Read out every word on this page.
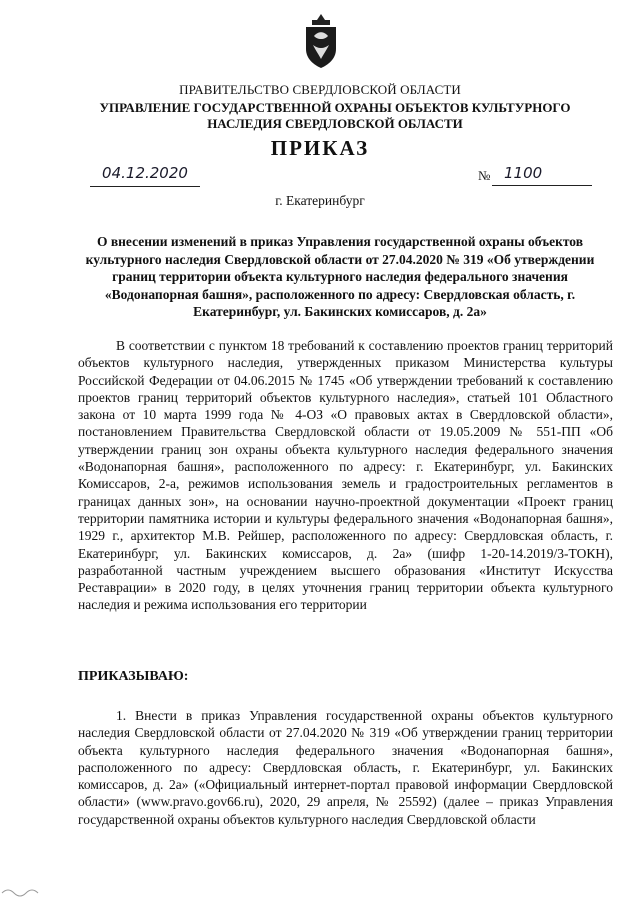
ПРАВИТЕЛЬСТВО СВЕРДЛОВСКОЙ ОБЛАСТИ
УПРАВЛЕНИЕ ГОСУДАРСТВЕННОЙ ОХРАНЫ ОБЪЕКТОВ КУЛЬТУРНОГО НАСЛЕДИЯ СВЕРДЛОВСКОЙ ОБЛАСТИ
ПРИКАЗ
04.12.2020	№ 1100
г. Екатеринбург
О внесении изменений в приказ Управления государственной охраны объектов культурного наследия Свердловской области от 27.04.2020 № 319 «Об утверждении границ территории объекта культурного наследия федерального значения «Водонапорная башня», расположенного по адресу: Свердловская область, г. Екатеринбург, ул. Бакинских комиссаров, д. 2а»
В соответствии с пунктом 18 требований к составлению проектов границ территорий объектов культурного наследия, утвержденных приказом Министерства культуры Российской Федерации от 04.06.2015 № 1745 «Об утверждении требований к составлению проектов границ территорий объектов культурного наследия», статьей 101 Областного закона от 10 марта 1999 года № 4-ОЗ «О правовых актах в Свердловской области», постановлением Правительства Свердловской области от 19.05.2009 № 551-ПП «Об утверждении границ зон охраны объекта культурного наследия федерального значения «Водонапорная башня», расположенного по адресу: г. Екатеринбург, ул. Бакинских Комиссаров, 2-а, режимов использования земель и градостроительных регламентов в границах данных зон», на основании научно-проектной документации «Проект границ территории памятника истории и культуры федерального значения «Водонапорная башня», 1929 г., архитектор М.В. Рейшер, расположенного по адресу: Свердловская область, г. Екатеринбург, ул. Бакинских комиссаров, д. 2а» (шифр 1-20-14.2019/3-ТОКН), разработанной частным учреждением высшего образования «Институт Искусства Реставрации» в 2020 году, в целях уточнения границ территории объекта культурного наследия и режима использования его территории
ПРИКАЗЫВАЮ:
1. Внести в приказ Управления государственной охраны объектов культурного наследия Свердловской области от 27.04.2020 № 319 «Об утверждении границ территории объекта культурного наследия федерального значения «Водонапорная башня», расположенного по адресу: Свердловская область, г. Екатеринбург, ул. Бакинских комиссаров, д. 2а» («Официальный интернет-портал правовой информации Свердловской области» (www.pravo.gov66.ru), 2020, 29 апреля, № 25592) (далее – приказ Управления государственной охраны объектов культурного наследия Свердловской области
